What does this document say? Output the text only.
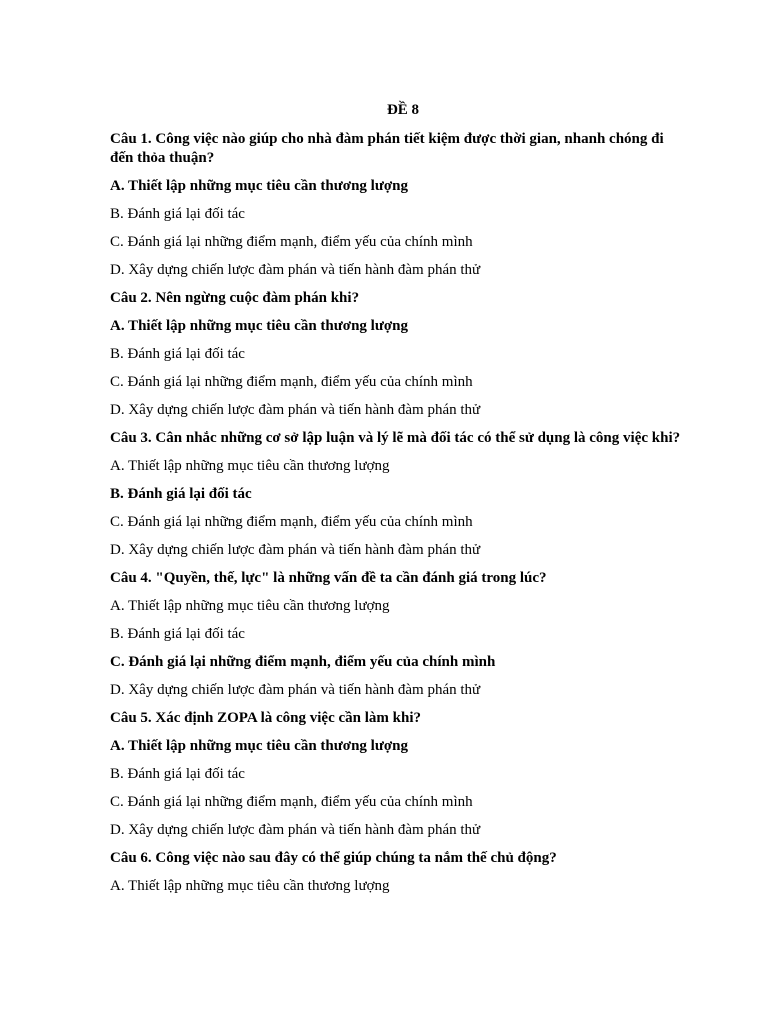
ĐỀ 8

Câu 1. Công việc nào giúp cho nhà đàm phán tiết kiệm được thời gian, nhanh chóng đi đến thỏa thuận?

A. Thiết lập những mục tiêu cần thương lượng

B. Đánh giá lại đối tác

C. Đánh giá lại những điểm mạnh, điểm yếu của chính mình

D. Xây dựng chiến lược đàm phán và tiến hành đàm phán thử

Câu 2. Nên ngừng cuộc đàm phán khi?

A. Thiết lập những mục tiêu cần thương lượng

B. Đánh giá lại đối tác

C. Đánh giá lại những điểm mạnh, điểm yếu của chính mình

D. Xây dựng chiến lược đàm phán và tiến hành đàm phán thử

Câu 3. Cân nhắc những cơ sở lập luận và lý lẽ mà đối tác có thể sử dụng là công việc khi?

A. Thiết lập những mục tiêu cần thương lượng

B. Đánh giá lại đối tác

C. Đánh giá lại những điểm mạnh, điểm yếu của chính mình

D. Xây dựng chiến lược đàm phán và tiến hành đàm phán thử

Câu 4. "Quyền, thế, lực" là những vấn đề ta cần đánh giá trong lúc?

A. Thiết lập những mục tiêu cần thương lượng

B. Đánh giá lại đối tác

C. Đánh giá lại những điểm mạnh, điểm yếu của chính mình

D. Xây dựng chiến lược đàm phán và tiến hành đàm phán thử

Câu 5. Xác định ZOPA là công việc cần làm khi?

A. Thiết lập những mục tiêu cần thương lượng

B. Đánh giá lại đối tác

C. Đánh giá lại những điểm mạnh, điểm yếu của chính mình

D. Xây dựng chiến lược đàm phán và tiến hành đàm phán thử

Câu 6. Công việc nào sau đây có thể giúp chúng ta nắm thế chủ động?

A. Thiết lập những mục tiêu cần thương lượng
